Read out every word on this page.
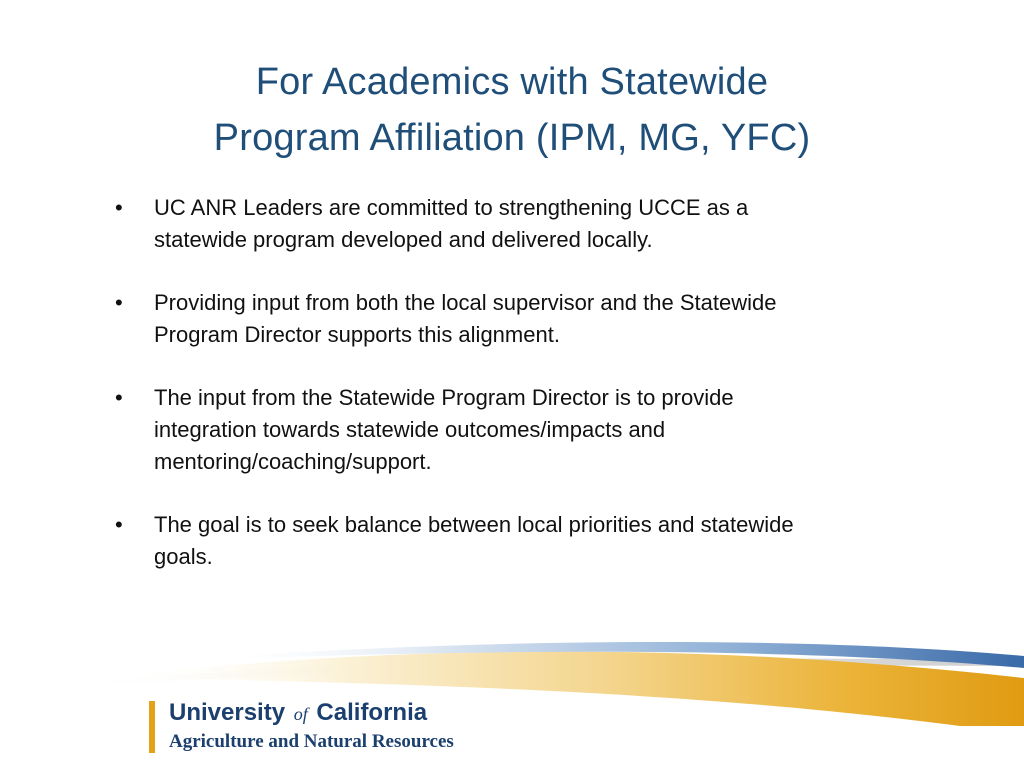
For Academics with Statewide
Program Affiliation (IPM, MG, YFC)
• UC ANR Leaders are committed to strengthening UCCE as a
statewide program developed and delivered locally.
• Providing input from both the local supervisor and the Statewide
Program Director supports this alignment.
• The input from the Statewide Program Director is to provide
integration towards statewide outcomes/impacts and
mentoring/coaching/support.
• The goal is to seek balance between local priorities and statewide
goals.
University of California
Agriculture and Natural Resources
